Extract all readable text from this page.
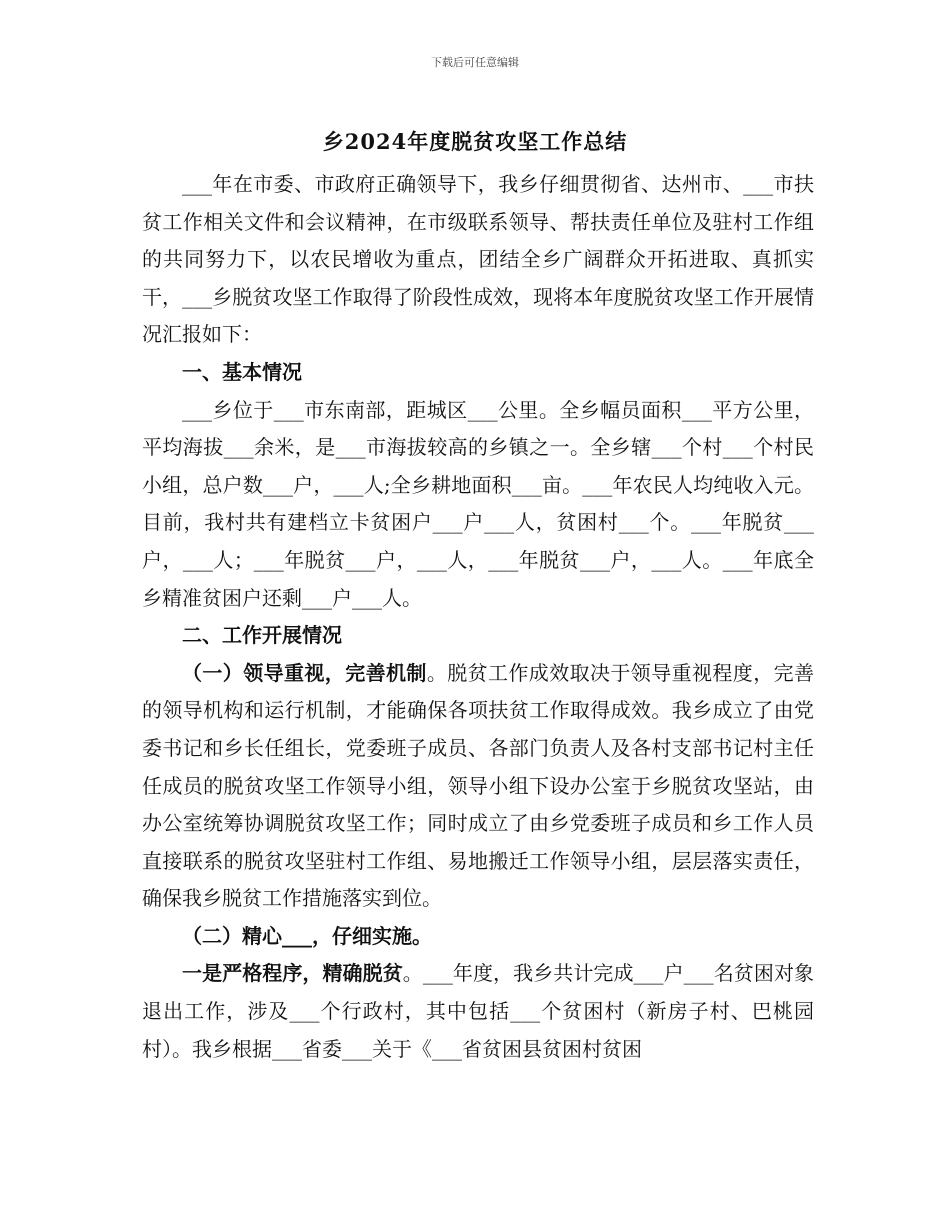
下载后可任意编辑
乡2024年度脱贫攻坚工作总结

___年在市委、市政府正确领导下，我乡仔细贯彻省、达州市、___市扶贫工作相关文件和会议精神，在市级联系领导、帮扶责任单位及驻村工作组的共同努力下，以农民增收为重点，团结全乡广阔群众开拓进取、真抓实干，___乡脱贫攻坚工作取得了阶段性成效，现将本年度脱贫攻坚工作开展情况汇报如下：

一、基本情况

___乡位于___市东南部，距城区___公里。全乡幅员面积___平方公里，平均海拔___余米，是___市海拔较高的乡镇之一。全乡辖___个村___个村民小组，总户数___户，___人;全乡耕地面积___亩。___年农民人均纯收入元。目前，我村共有建档立卡贫困户___户___人，贫困村___个。___年脱贫___户，___人；___年脱贫___户，___人，___年脱贫___户，___人。___年底全乡精准贫困户还剩___户___人。

二、工作开展情况

（一）领导重视，完善机制。脱贫工作成效取决于领导重视程度，完善的领导机构和运行机制，才能确保各项扶贫工作取得成效。我乡成立了由党委书记和乡长任组长，党委班子成员、各部门负责人及各村支部书记村主任任成员的脱贫攻坚工作领导小组，领导小组下设办公室于乡脱贫攻坚站，由办公室统筹协调脱贫攻坚工作；同时成立了由乡党委班子成员和乡工作人员直接联系的脱贫攻坚驻村工作组、易地搬迁工作领导小组，层层落实责任，确保我乡脱贫工作措施落实到位。

（二）精心___，仔细实施。

一是严格程序，精确脱贫。___年度，我乡共计完成___户___名贫困对象退出工作，涉及___个行政村，其中包括___个贫困村（新房子村、巴桃园村）。我乡根据___省委___关于《___省贫困县贫困村贫困
